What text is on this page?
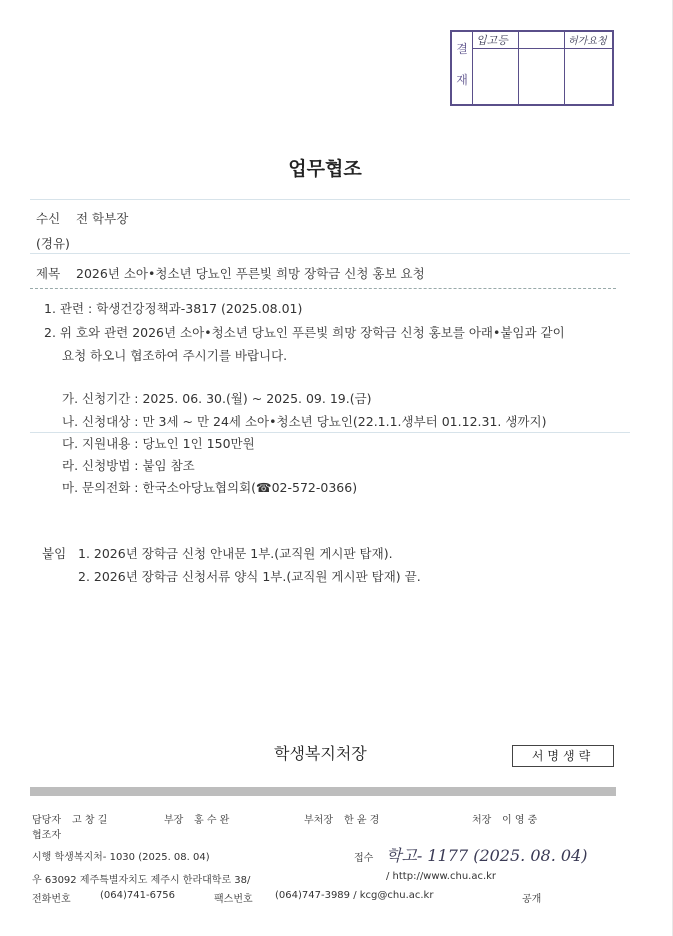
결
재
입고등	허가요청
업무협조
수신 전 학부장
(경유)
제목 2026년 소아•청소년 당뇨인 푸른빛 희망 장학금 신청 홍보 요청
1. 관련 : 학생건강정책과-3817 (2025.08.01)
2. 위 호와 관련 2026년 소아•청소년 당뇨인 푸른빛 희망 장학금 신청 홍보를 아래•붙임과 같이
요청 하오니 협조하여 주시기를 바랍니다.
가. 신청기간 : 2025. 06. 30.(월) ~ 2025. 09. 19.(금)
나. 신청대상 : 만 3세 ~ 만 24세 소아•청소년 당뇨인(22.1.1.생부터 01.12.31. 생까지)
다. 지원내용 : 당뇨인 1인 150만원
라. 신청방법 : 붙임 참조
마. 문의전화 : 한국소아당뇨협의회(☎02-572-0366)
붙임 1. 2026년 장학금 신청 안내문 1부.(교직원 게시판 탑재).
2. 2026년 장학금 신청서류 양식 1부.(교직원 게시판 탑재) 끝.
학생복지처장	서명생략
담당자 고 창 길	부장 홍 수 완	부처장 한 윤 경	처장 이 영 중
협조자
시행 학생복지처- 1030 (2025. 08. 04)	접수 학고- 1177 (2025. 08. 04)
우 63092 제주특별자치도 제주시 한라대학로 38/	/ http://www.chu.ac.kr
전화번호	(064)741-6756	팩스번호 (064)747-3989 / kcg@chu.ac.kr	공개
